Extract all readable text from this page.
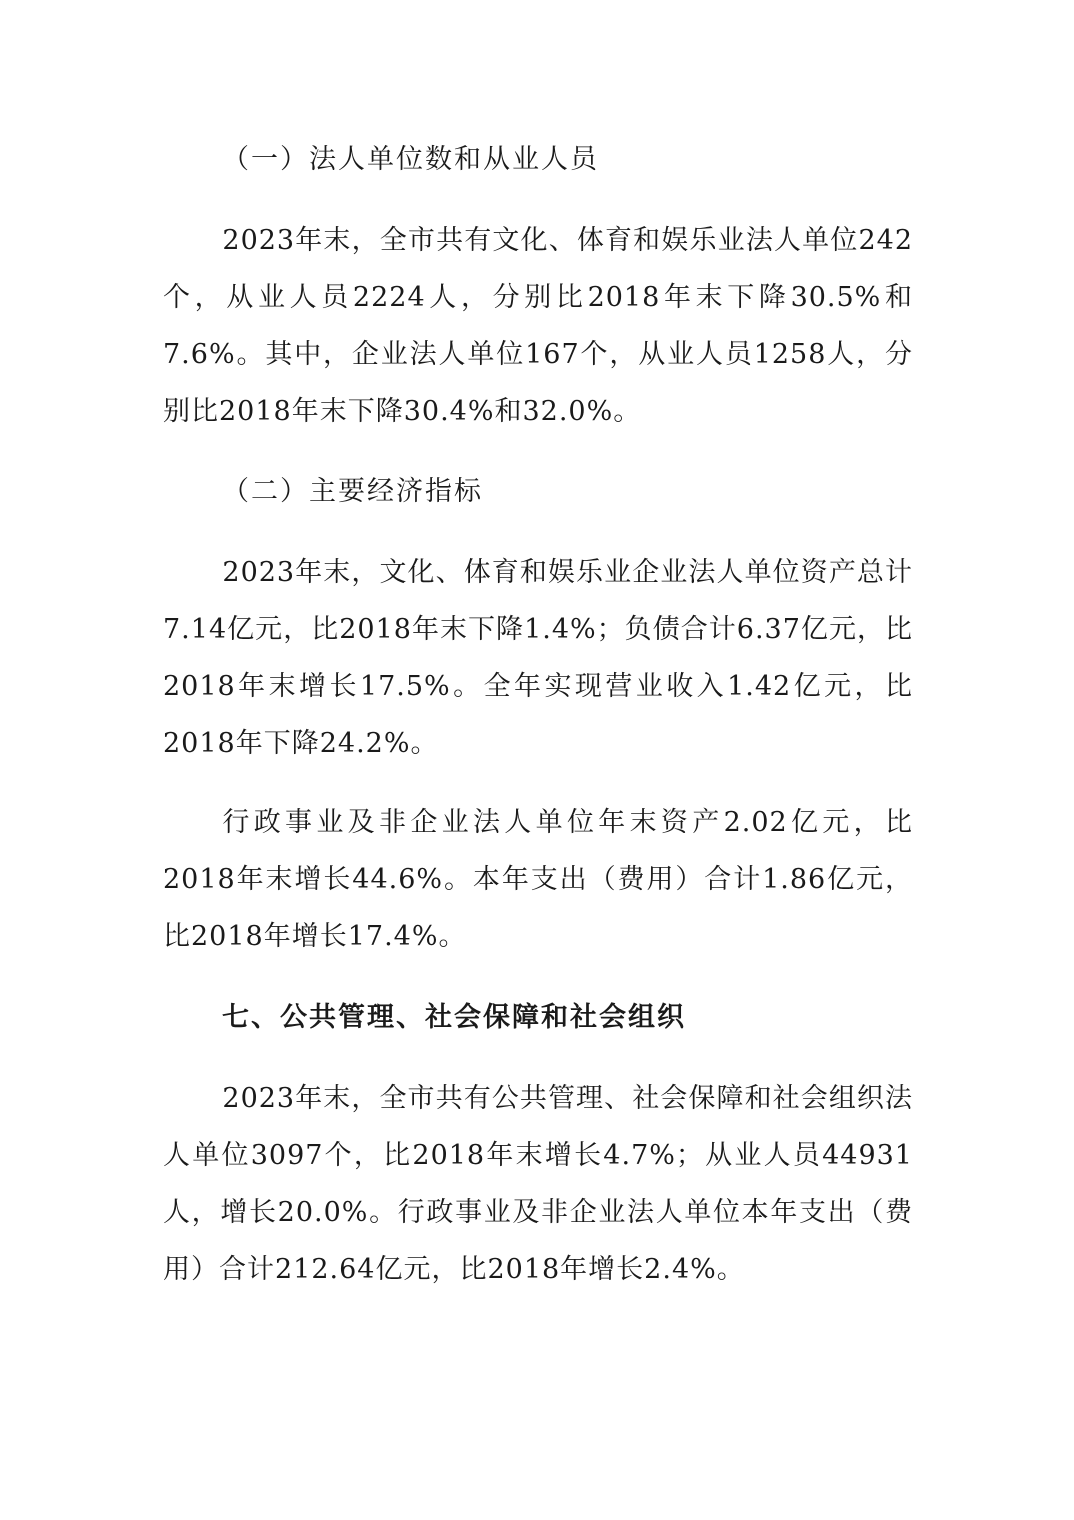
（一）法人单位数和从业人员

2023年末，全市共有文化、体育和娱乐业法人单位242个，从业人员2224人，分别比2018年末下降30.5%和7.6%。其中，企业法人单位167个，从业人员1258人，分别比2018年末下降30.4%和32.0%。

（二）主要经济指标

2023年末，文化、体育和娱乐业企业法人单位资产总计7.14亿元，比2018年末下降1.4%；负债合计6.37亿元，比2018年末增长17.5%。全年实现营业收入1.42亿元，比2018年下降24.2%。

行政事业及非企业法人单位年末资产2.02亿元，比2018年末增长44.6%。本年支出（费用）合计1.86亿元，比2018年增长17.4%。

七、公共管理、社会保障和社会组织

2023年末，全市共有公共管理、社会保障和社会组织法人单位3097个，比2018年末增长4.7%；从业人员44931人，增长20.0%。行政事业及非企业法人单位本年支出（费用）合计212.64亿元，比2018年增长2.4%。
